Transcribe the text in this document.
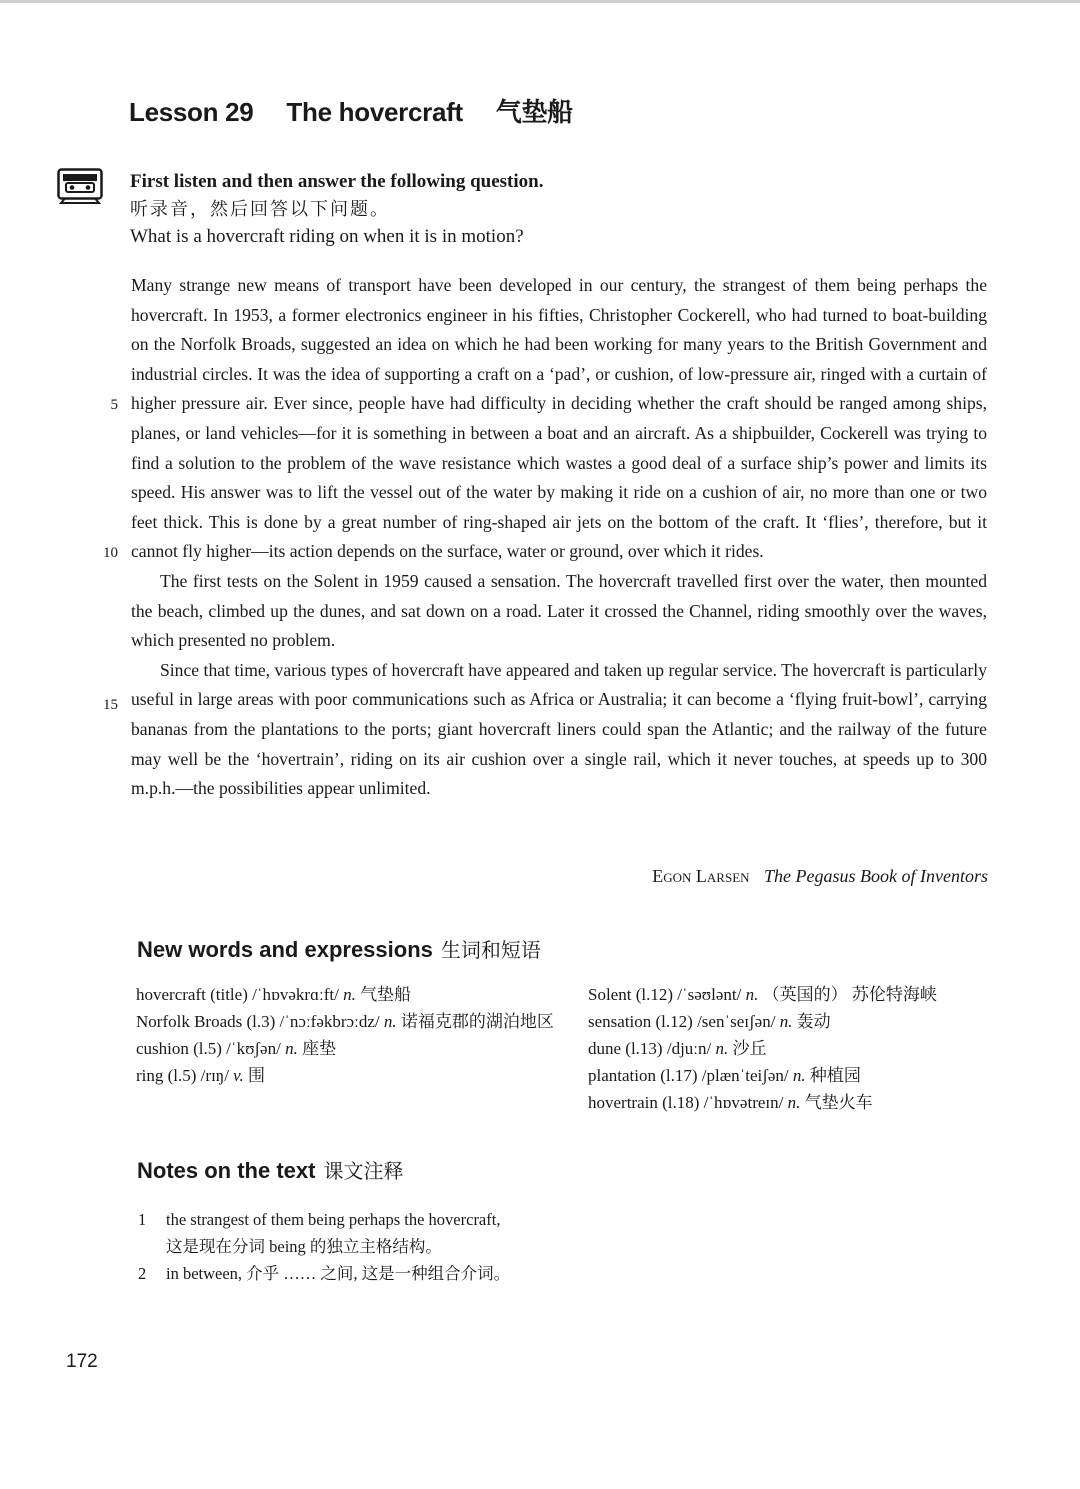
Lesson 29 The hovercraft 气垫船
First listen and then answer the following question.
听录音，然后回答以下问题。
What is a hovercraft riding on when it is in motion?

Many strange new means of transport have been developed in our century, the strangest of them being perhaps the hovercraft. In 1953, a former electronics engineer in his fifties, Christopher Cockerell, who had turned to boat-building on the Norfolk Broads, suggested an idea on which he had been working for many years to the British Government and industrial circles. It was the idea of supporting a craft on a ‘pad’, or cushion, of low-pressure air, ringed with a curtain of higher pressure air. Ever since, people have had difficulty in deciding whether the craft should be ranged among ships, planes, or land vehicles—for it is something in between a boat and an aircraft. As a shipbuilder, Cockerell was trying to find a solution to the problem of the wave resistance which wastes a good deal of a surface ship’s power and limits its speed. His answer was to lift the vessel out of the water by making it ride on a cushion of air, no more than one or two feet thick. This is done by a great number of ring-shaped air jets on the bottom of the craft. It ‘flies’, therefore, but it cannot fly higher—its action depends on the surface, water or ground, over which it rides.

The first tests on the Solent in 1959 caused a sensation. The hovercraft travelled first over the water, then mounted the beach, climbed up the dunes, and sat down on a road. Later it crossed the Channel, riding smoothly over the waves, which presented no problem.

Since that time, various types of hovercraft have appeared and taken up regular service. The hovercraft is particularly useful in large areas with poor communications such as Africa or Australia; it can become a ‘flying fruit-bowl’, carrying bananas from the plantations to the ports; giant hovercraft liners could span the Atlantic; and the railway of the future may well be the ‘hovertrain’, riding on its air cushion over a single rail, which it never touches, at speeds up to 300 m.p.h.—the possibilities appear unlimited.

5
10
15
Egon Larsen The Pegasus Book of Inventors
New words and expressions 生词和短语
hovercraft (title) /ˈhɒvəkrɑːft/ n. 气垫船
Norfolk Broads (l.3) /ˈnɔːfəkbrɔːdz/ n. 诺福克郡的湖泊地区
cushion (l.5) /ˈkʊʃən/ n. 座垫
ring (l.5) /rɪŋ/ v. 围
Solent (l.12) /ˈsəʊlənt/ n. （英国的） 苏伦特海峡
sensation (l.12) /senˈseɪʃən/ n. 轰动
dune (l.13) /djuːn/ n. 沙丘
plantation (l.17) /plænˈteiʃən/ n. 种植园
hovertrain (l.18) /ˈhɒvətreɪn/ n. 气垫火车
Notes on the text 课文注释
1	the strangest of them being perhaps the hovercraft,
这是现在分词 being 的独立主格结构。
2	in between, 介乎 …… 之间, 这是一种组合介词。
172
